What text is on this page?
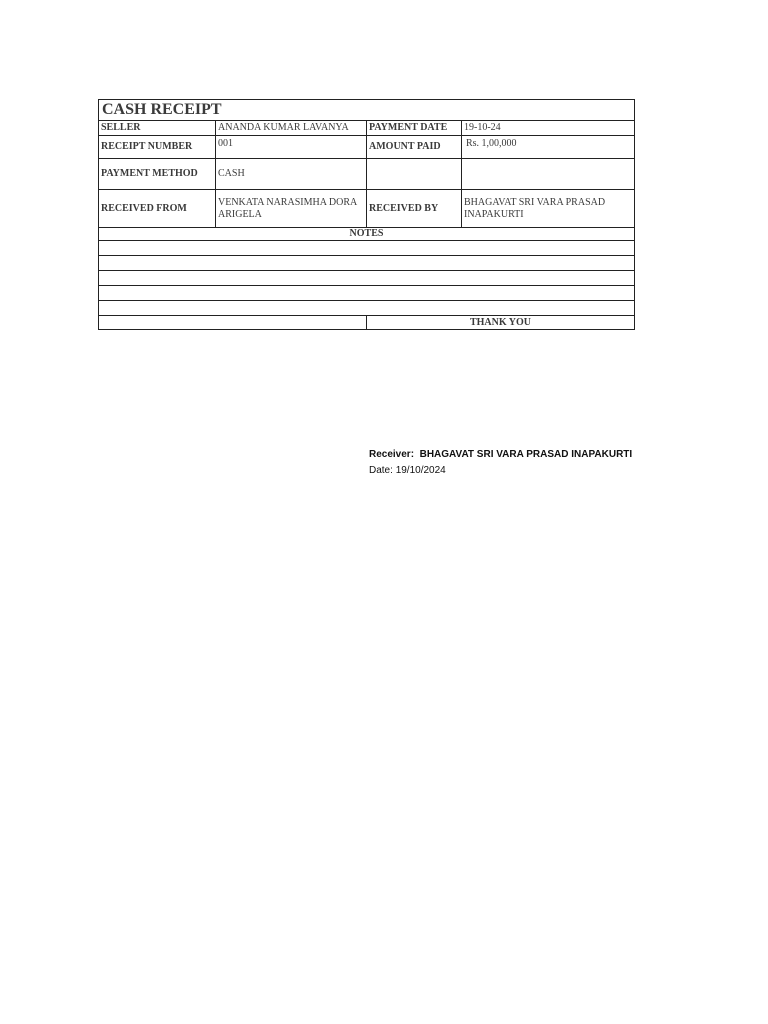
CASH RECEIPT			
SELLER	ANANDA KUMAR LAVANYA	PAYMENT DATE	19-10-24
RECEIPT NUMBER	001	AMOUNT PAID	Rs. 1,00,000
PAYMENT METHOD	CASH		
RECEIVED FROM	VENKATA NARASIMHA DORA ARIGELA	RECEIVED BY	BHAGAVAT SRI VARA PRASAD INAPAKURTI
NOTES			

		THANK YOU	
Receiver: BHAGAVAT SRI VARA PRASAD INAPAKURTI
Date: 19/10/2024
